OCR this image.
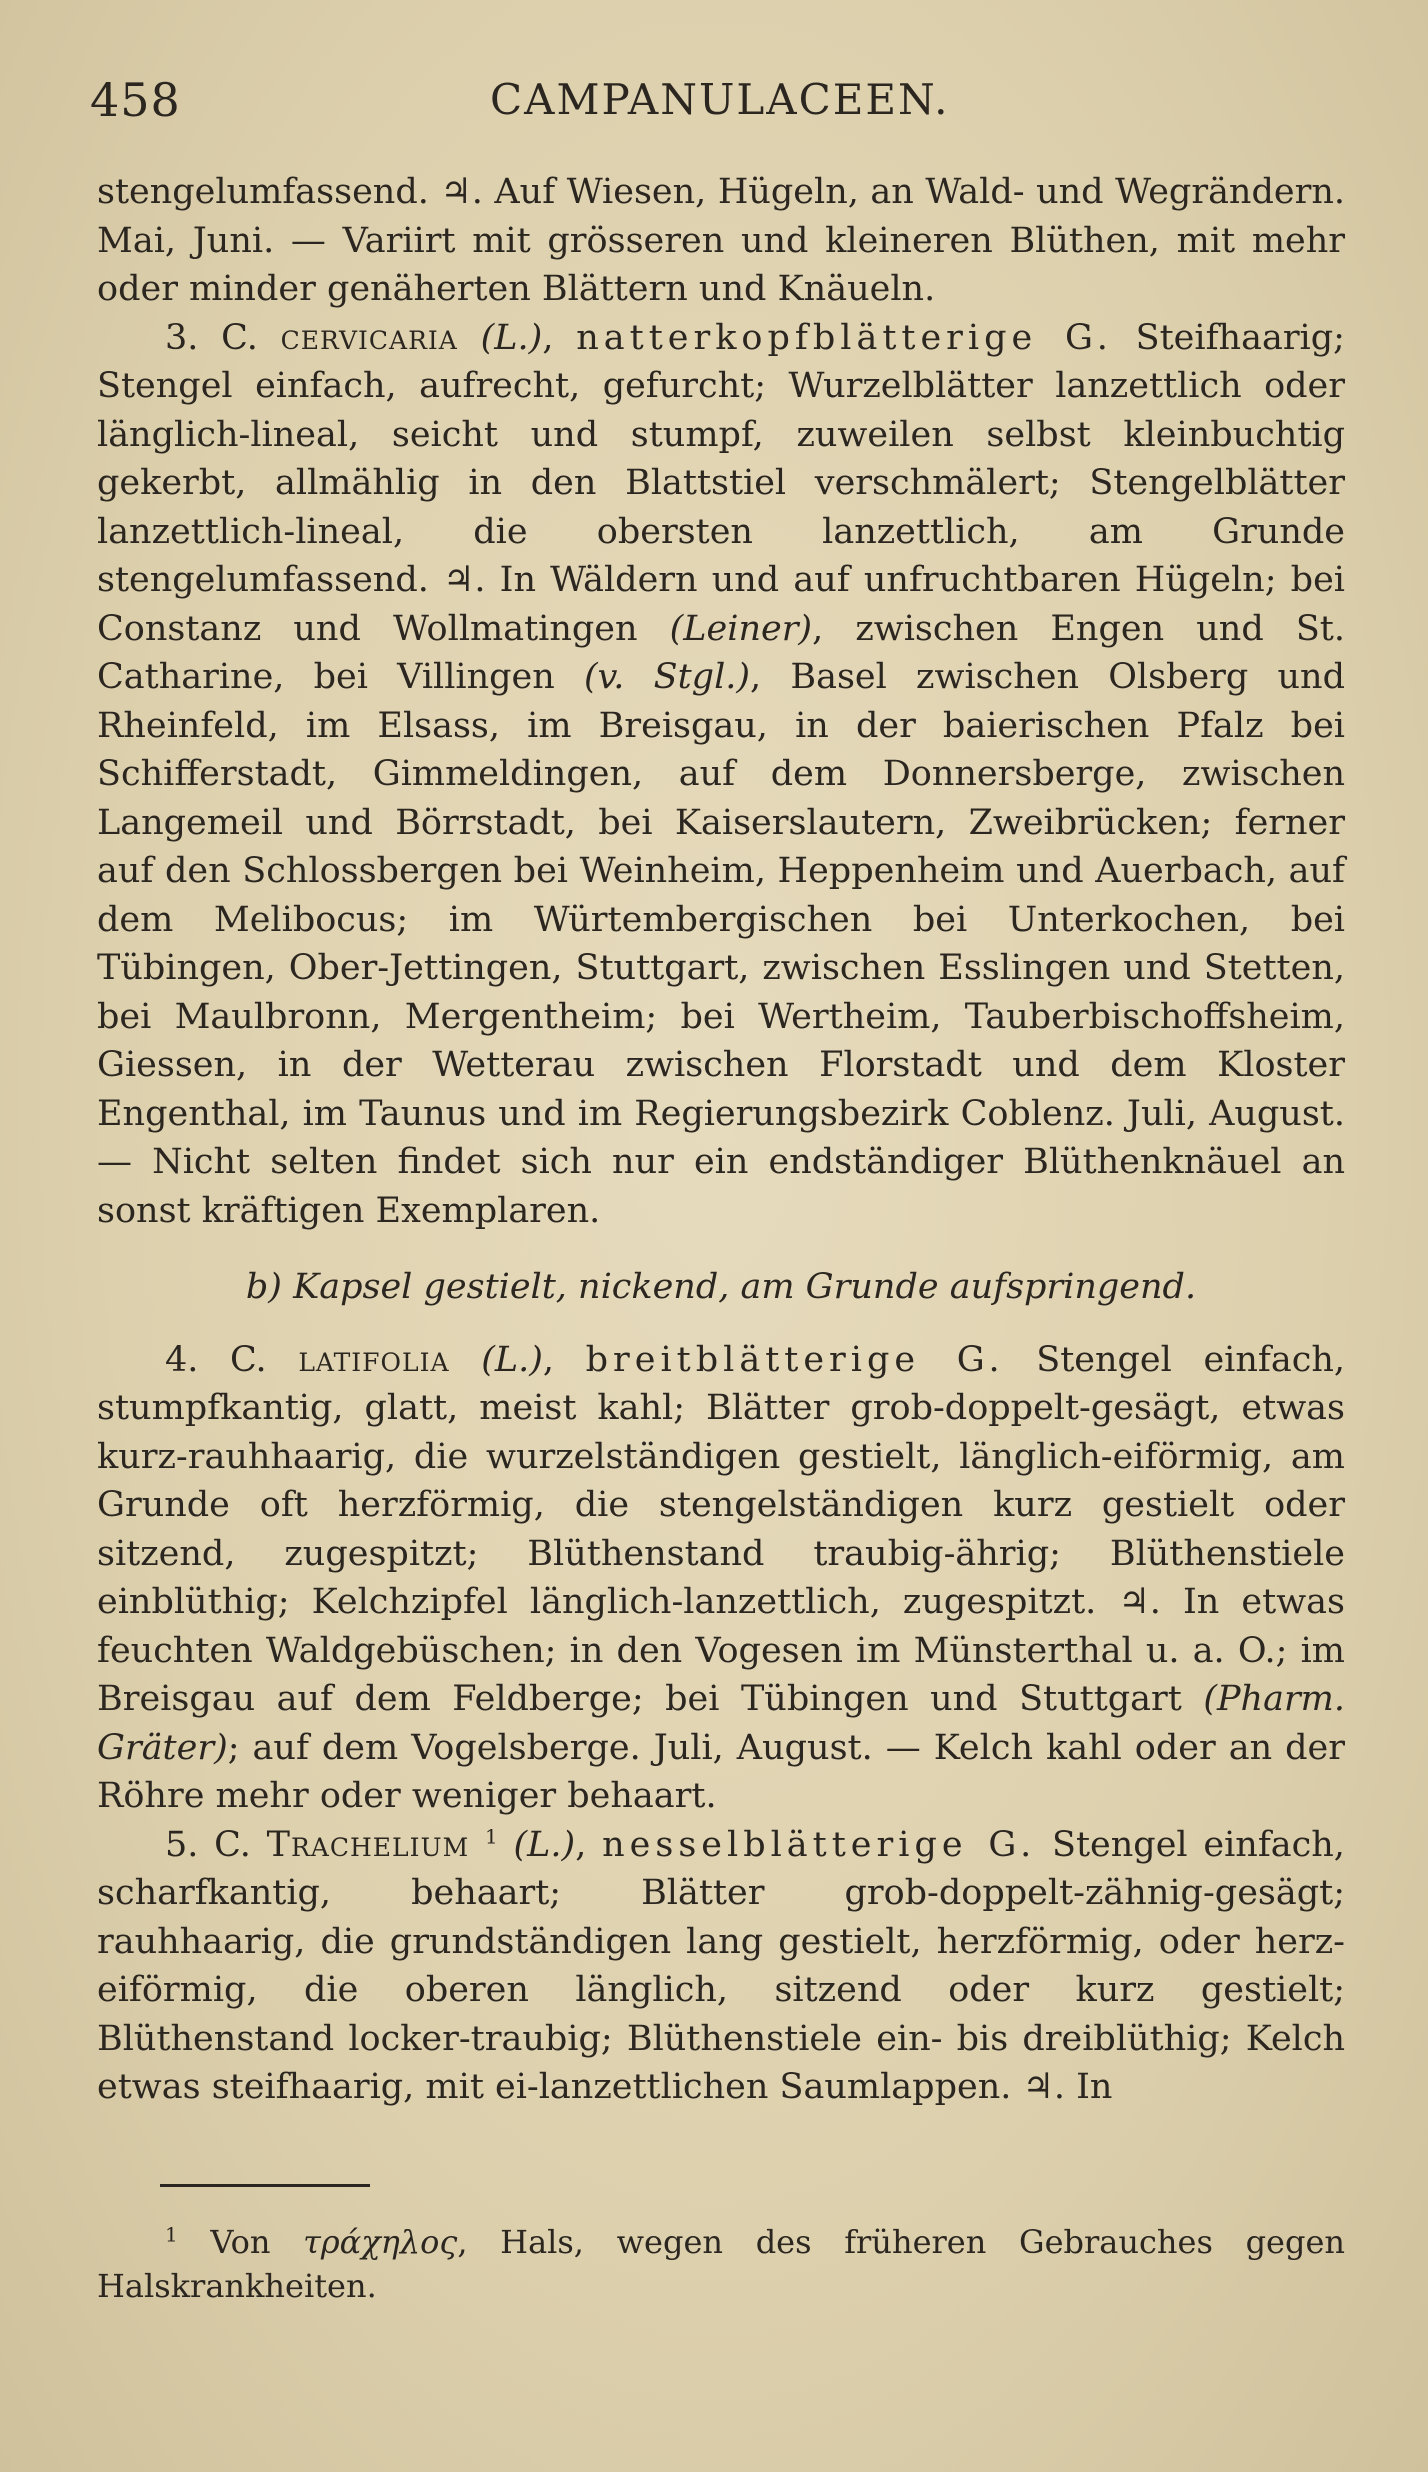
458	CAMPANULACEEN.

stengelumfassend. ♃. Auf Wiesen, Hügeln, an Wald- und Wegrändern. Mai, Juni. — Variirt mit grösseren und kleineren Blüthen, mit mehr oder minder genäherten Blättern und Knäueln.

3. C. cervicaria (L.), natterkopfblätterige G. Steifhaarig; Stengel einfach, aufrecht, gefurcht; Wurzelblätter lanzettlich oder länglich-lineal, seicht und stumpf, zuweilen selbst kleinbuchtig gekerbt, allmählig in den Blattstiel verschmälert; Stengelblätter lanzettlich-lineal, die obersten lanzettlich, am Grunde stengelumfassend. ♃. In Wäldern und auf unfruchtbaren Hügeln; bei Constanz und Wollmatingen (Leiner), zwischen Engen und St. Catharine, bei Villingen (v. Stgl.), Basel zwischen Olsberg und Rheinfeld, im Elsass, im Breisgau, in der baierischen Pfalz bei Schifferstadt, Gimmeldingen, auf dem Donnersberge, zwischen Langemeil und Börrstadt, bei Kaiserslautern, Zweibrücken; ferner auf den Schlossbergen bei Weinheim, Heppenheim und Auerbach, auf dem Melibocus; im Würtembergischen bei Unterkochen, bei Tübingen, Ober-Jettingen, Stuttgart, zwischen Esslingen und Stetten, bei Maulbronn, Mergentheim; bei Wertheim, Tauberbischoffsheim, Giessen, in der Wetterau zwischen Florstadt und dem Kloster Engenthal, im Taunus und im Regierungsbezirk Coblenz. Juli, August. — Nicht selten findet sich nur ein endständiger Blüthenknäuel an sonst kräftigen Exemplaren.

b) Kapsel gestielt, nickend, am Grunde aufspringend.

4. C. latifolia (L.), breitblätterige G. Stengel einfach, stumpfkantig, glatt, meist kahl; Blätter grob-doppelt-gesägt, etwas kurz-rauhhaarig, die wurzelständigen gestielt, länglich-eiförmig, am Grunde oft herzförmig, die stengelständigen kurz gestielt oder sitzend, zugespitzt; Blüthenstand traubig-ährig; Blüthenstiele einblüthig; Kelchzipfel länglich-lanzettlich, zugespitzt. ♃. In etwas feuchten Waldgebüschen; in den Vogesen im Münsterthal u. a. O.; im Breisgau auf dem Feldberge; bei Tübingen und Stuttgart (Pharm. Gräter); auf dem Vogelsberge. Juli, August. — Kelch kahl oder an der Röhre mehr oder weniger behaart.

5. C. Trachelium $^1$ (L.), nesselblätterige G. Stengel einfach, scharfkantig, behaart; Blätter grob-doppelt-zähnig-gesägt; rauhhaarig, die grundständigen lang gestielt, herzförmig, oder herz-eiförmig, die oberen länglich, sitzend oder kurz gestielt; Blüthenstand locker-traubig; Blüthenstiele ein- bis dreiblüthig; Kelch etwas steifhaarig, mit ei-lanzettlichen Saumlappen. ♃. In

$^1$ Von τράχηλος, Hals, wegen des früheren Gebrauches gegen Halskrankheiten.
